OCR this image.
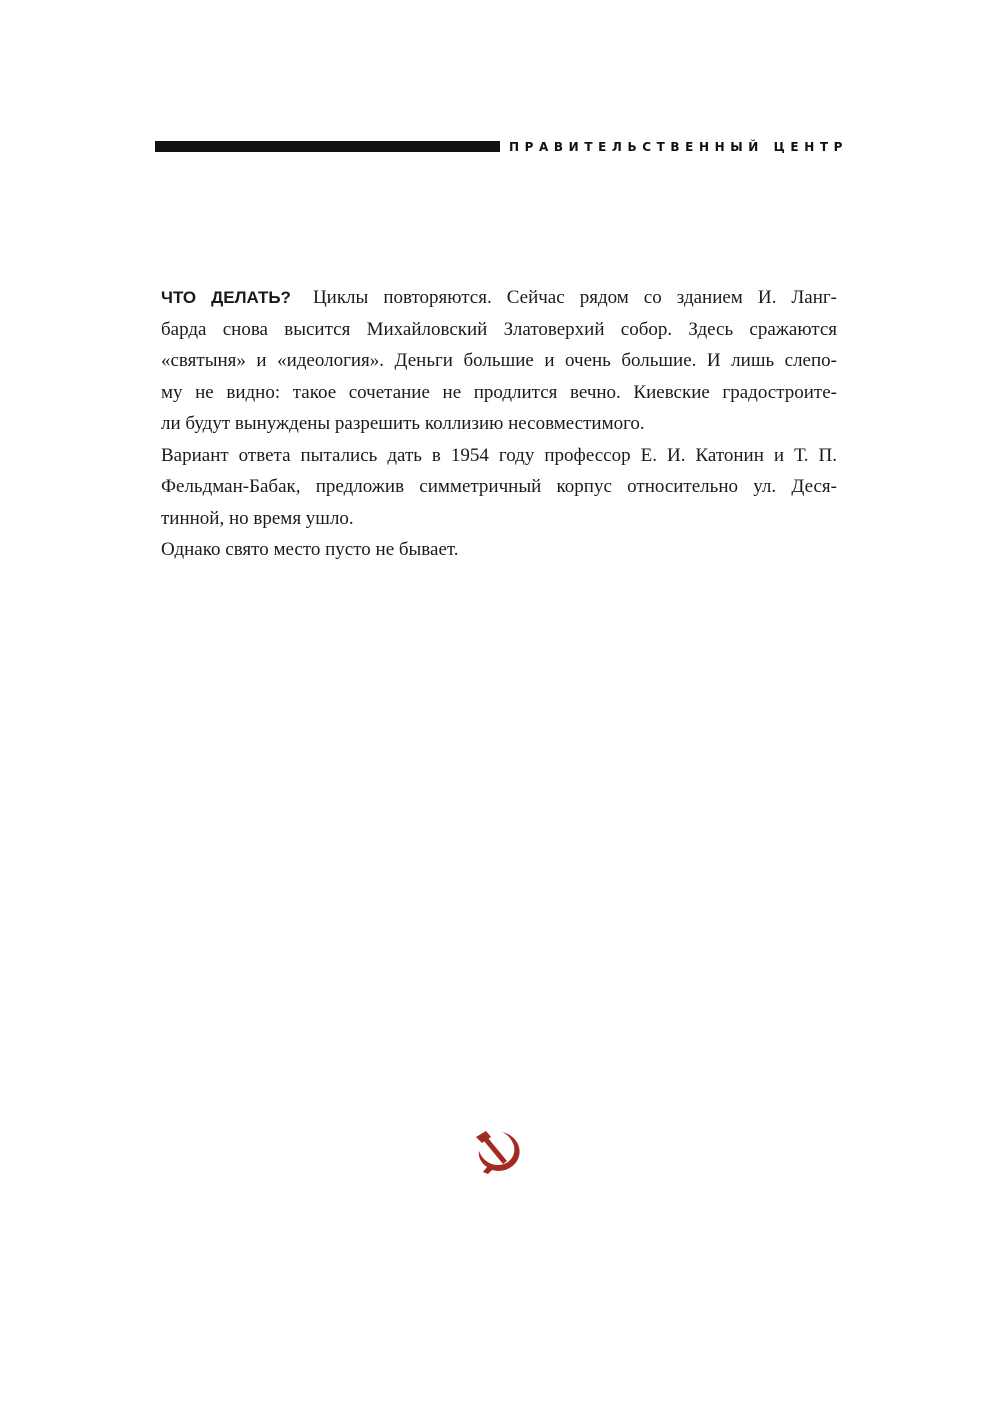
ПРАВИТЕЛЬСТВЕННЫЙ ЦЕНТР
ЧТО ДЕЛАТЬ? Циклы повторяются. Сейчас рядом со зданием И. Ланг-
барда снова высится Михайловский Златоверхий собор. Здесь сражаются
«святыня» и «идеология». Деньги большие и очень большие. И лишь слепо-
му не видно: такое сочетание не продлится вечно. Киевские градостроите-
ли будут вынуждены разрешить коллизию несовместимого.
Вариант ответа пытались дать в 1954 году профессор Е. И. Катонин и Т. П.
Фельдман-Бабак, предложив симметричный корпус относительно ул. Деся-
тинной, но время ушло.
Однако свято место пусто не бывает.
